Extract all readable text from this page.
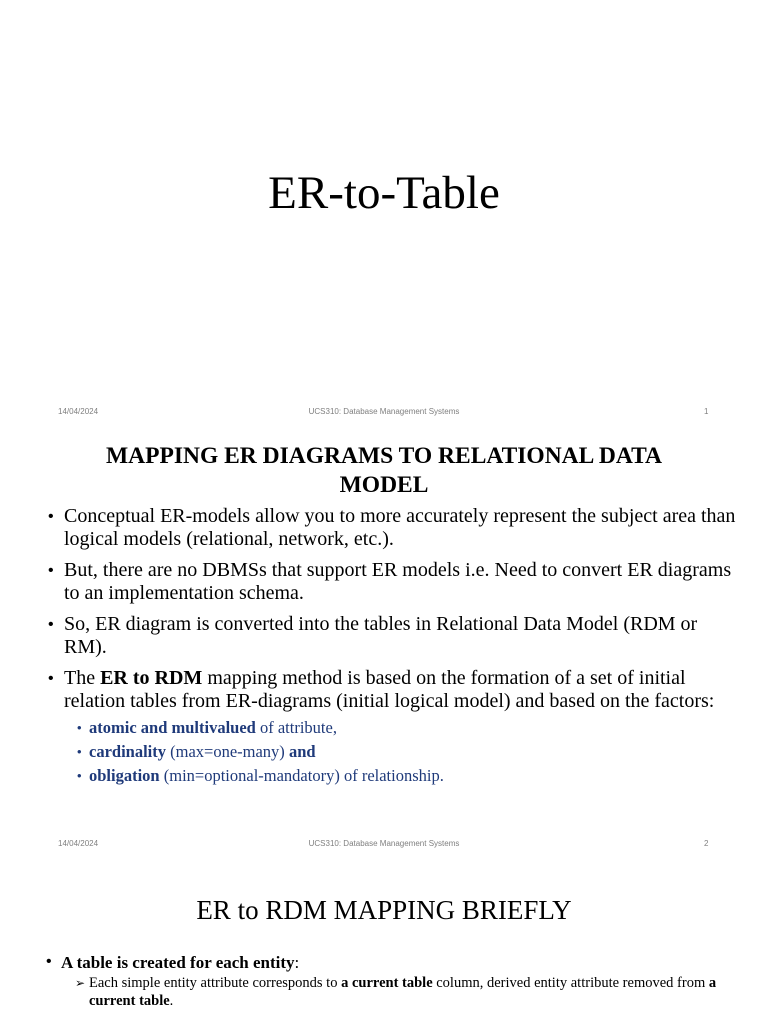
ER-to-Table
14/04/2024	UCS310: Database Management Systems	1
MAPPING ER DIAGRAMS TO RELATIONAL DATA
MODEL
• Conceptual ER-models allow you to more accurately represent the subject area than logical models (relational, network, etc.).
• But, there are no DBMSs that support ER models i.e. Need to convert ER diagrams to an implementation schema.
• So, ER diagram is converted into the tables in Relational Data Model (RDM or RM).
• The ER to RDM mapping method is based on the formation of a set of initial relation tables from ER-diagrams (initial logical model) and based on the factors:
• atomic and multivalued of attribute,
• cardinality (max=one-many) and
• obligation (min=optional-mandatory) of relationship.
14/04/2024	UCS310: Database Management Systems	2
ER to RDM MAPPING BRIEFLY
• A table is created for each entity:
➢ Each simple entity attribute corresponds to a current table column, derived entity attribute removed from a current table.
